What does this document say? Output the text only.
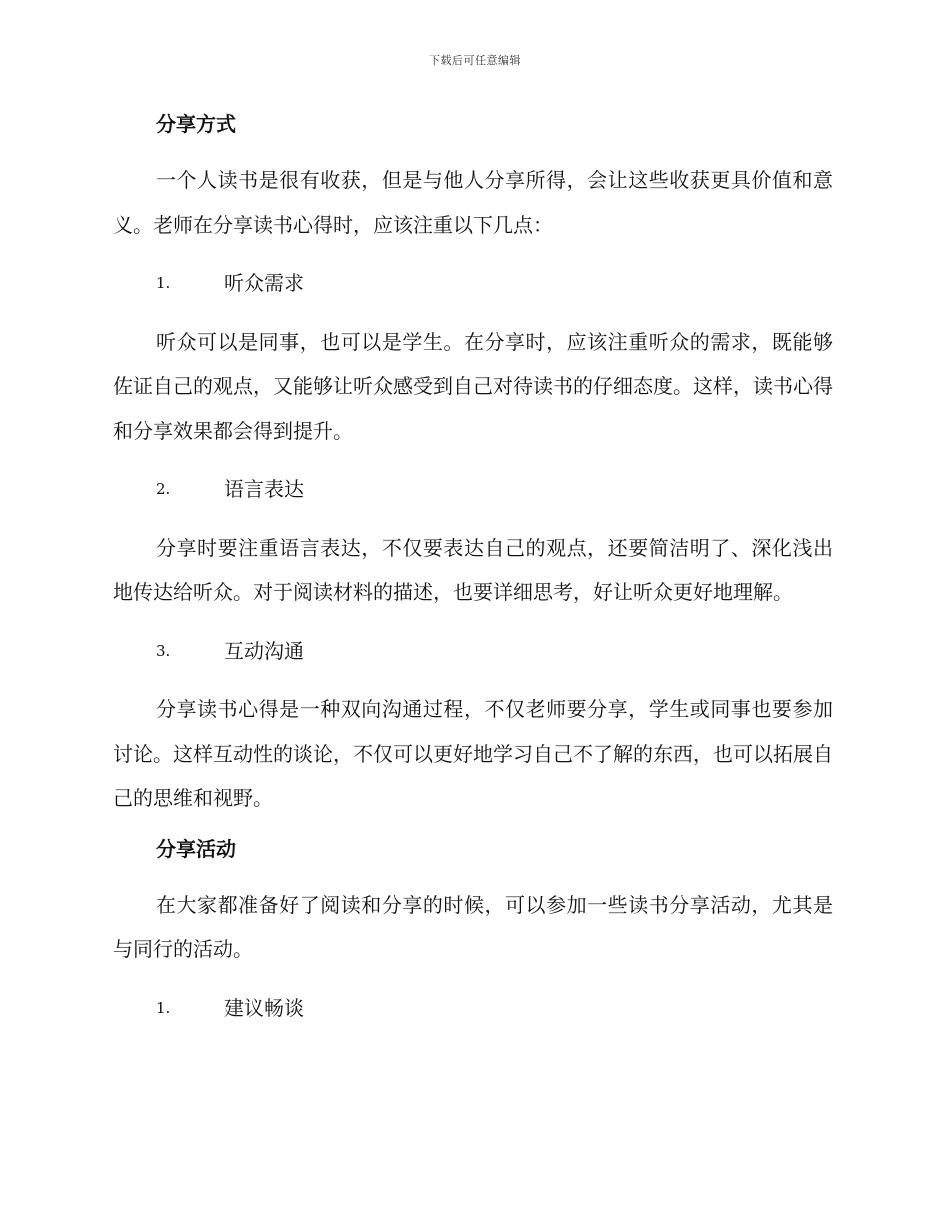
下载后可任意编辑
分享方式
一个人读书是很有收获，但是与他人分享所得，会让这些收获更具价值和意义。老师在分享读书心得时，应该注重以下几点：
1.	听众需求
听众可以是同事，也可以是学生。在分享时，应该注重听众的需求，既能够佐证自己的观点，又能够让听众感受到自己对待读书的仔细态度。这样，读书心得和分享效果都会得到提升。
2.	语言表达
分享时要注重语言表达，不仅要表达自己的观点，还要简洁明了、深化浅出地传达给听众。对于阅读材料的描述，也要详细思考，好让听众更好地理解。
3.	互动沟通
分享读书心得是一种双向沟通过程，不仅老师要分享，学生或同事也要参加讨论。这样互动性的谈论，不仅可以更好地学习自己不了解的东西，也可以拓展自己的思维和视野。
分享活动
在大家都准备好了阅读和分享的时候，可以参加一些读书分享活动，尤其是与同行的活动。
1.	建议畅谈
